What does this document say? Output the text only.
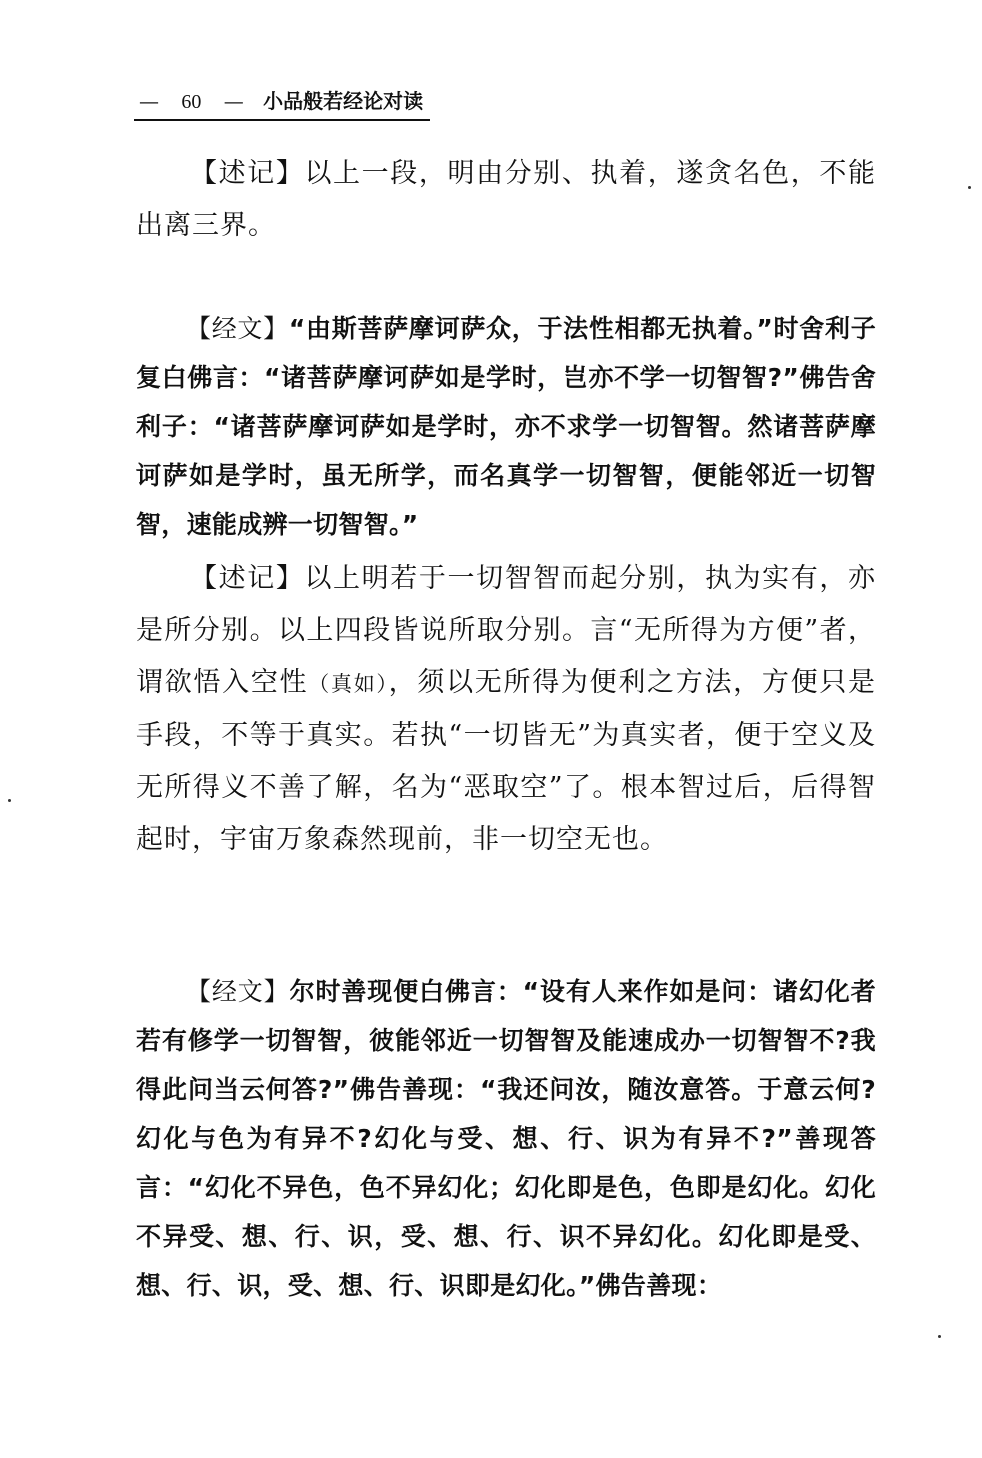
— 60 — 小品般若经论对读

【述记】以上一段，明由分别、执着，遂贪名色，不能出离三界。

【经文】“由斯菩萨摩诃萨众，于法性相都无执着。”时舍利子复白佛言：“诸菩萨摩诃萨如是学时，岂亦不学一切智智?”佛告舍利子：“诸菩萨摩诃萨如是学时，亦不求学一切智智。然诸菩萨摩诃萨如是学时，虽无所学，而名真学一切智智，便能邻近一切智智，速能成辨一切智智。”

【述记】以上明若于一切智智而起分别，执为实有，亦是所分别。以上四段皆说所取分别。言“无所得为方便”者，谓欲悟入空性（真如），须以无所得为便利之方法，方便只是手段，不等于真实。若执“一切皆无”为真实者，便于空义及无所得义不善了解，名为“恶取空”了。根本智过后，后得智起时，宇宙万象森然现前，非一切空无也。

【经文】尔时善现便白佛言：“设有人来作如是问：诸幻化者若有修学一切智智，彼能邻近一切智智及能速成办一切智智不?我得此问当云何答?”佛告善现：“我还问汝，随汝意答。于意云何?幻化与色为有异不?幻化与受、想、行、识为有异不?”善现答言：“幻化不异色，色不异幻化；幻化即是色，色即是幻化。幻化不异受、想、行、识，受、想、行、识不异幻化。幻化即是受、想、行、识，受、想、行、识即是幻化。”佛告善现：
